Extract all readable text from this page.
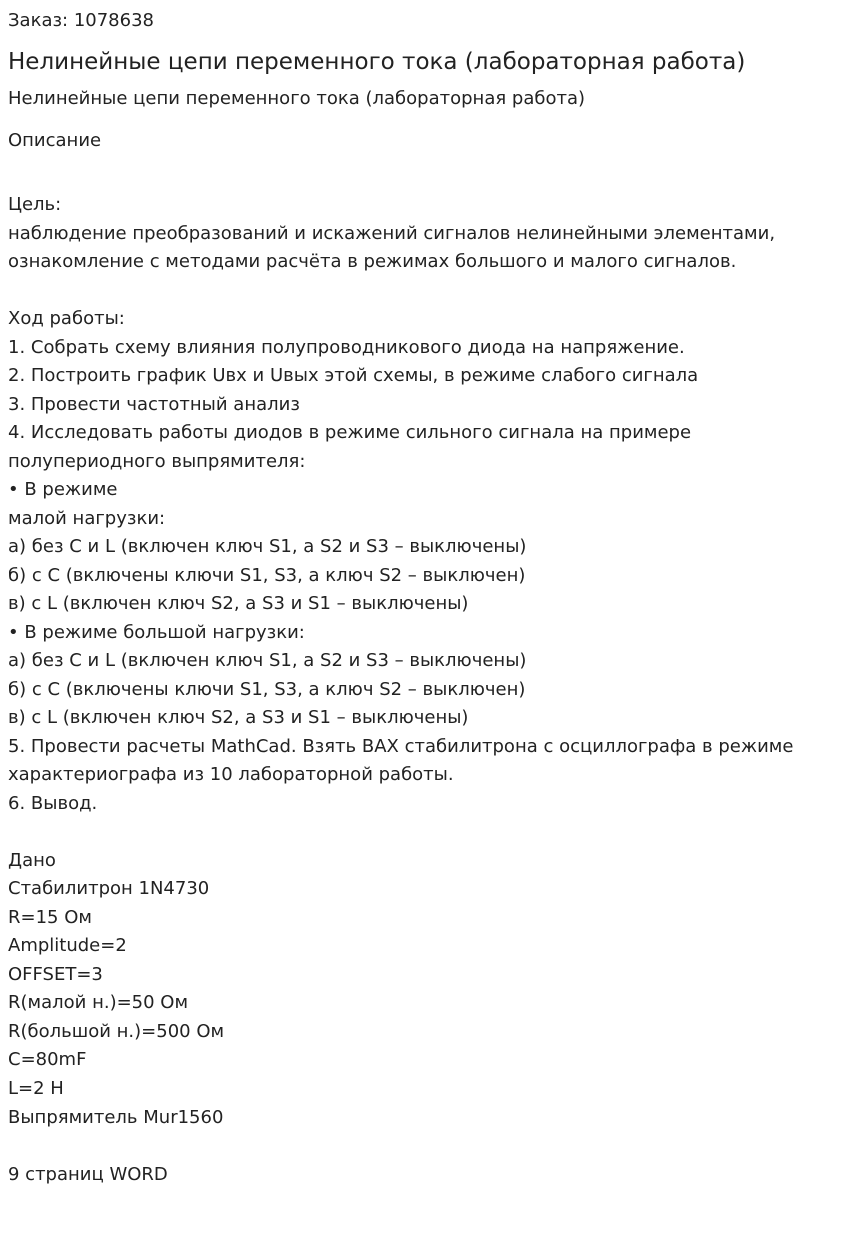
Заказ: 1078638
Нелинейные цепи переменного тока (лабораторная работа)
Нелинейные цепи переменного тока (лабораторная работа)
Описание
Цель:
наблюдение преобразований и искажений сигналов нелинейными элементами,
ознакомление с методами расчёта в режимах большого и малого сигналов.
Ход работы:
1. Собрать схему влияния полупроводникового диода на напряжение.
2. Построить график Uвх и Uвых этой схемы, в режиме слабого сигнала
3. Провести частотный анализ
4. Исследовать работы диодов в режиме сильного сигнала на примере
полупериодного выпрямителя:
• В режиме
малой нагрузки:
а) без С и L (включен ключ S1, а S2 и S3 – выключены)
б) с С (включены ключи S1, S3, а ключ S2 – выключен)
в) с L (включен ключ S2, а S3 и S1 – выключены)
• В режиме большой нагрузки:
а) без С и L (включен ключ S1, а S2 и S3 – выключены)
б) с С (включены ключи S1, S3, а ключ S2 – выключен)
в) с L (включен ключ S2, а S3 и S1 – выключены)
5. Провести расчеты MathCad. Взять ВАХ стабилитрона с осциллографа в режиме
характериографа из 10 лабораторной работы.
6. Вывод.
Дано
Стабилитрон 1N4730
R=15 Ом
Amplitude=2
OFFSET=3
R(малой н.)=50 Ом
R(большой н.)=500 Ом
C=80mF
L=2 H
Выпрямитель Mur1560
9 страниц WORD
